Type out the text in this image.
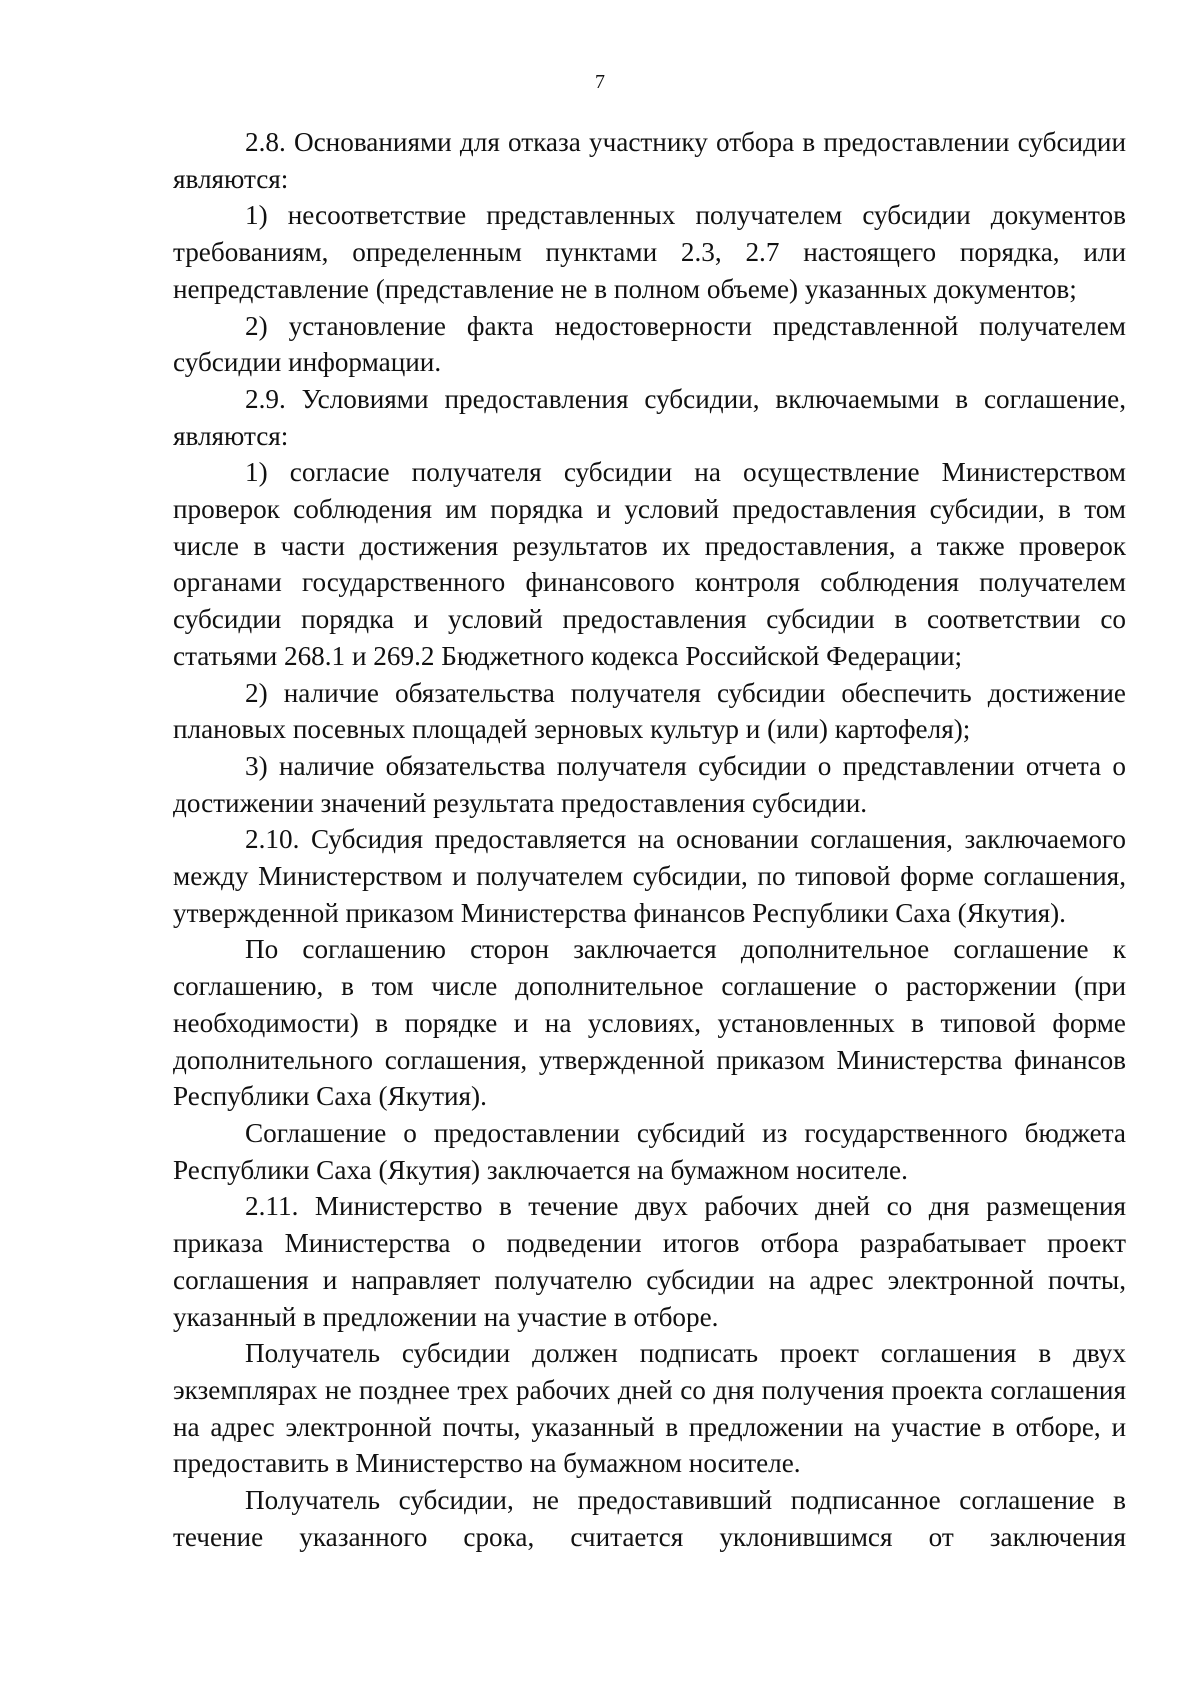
7

2.8. Основаниями для отказа участнику отбора в предоставлении субсидии являются:

1) несоответствие представленных получателем субсидии документов требованиям, определенным пунктами 2.3, 2.7 настоящего порядка, или непредставление (представление не в полном объеме) указанных документов;

2) установление факта недостоверности представленной получателем субсидии информации.

2.9. Условиями предоставления субсидии, включаемыми в соглашение, являются:

1) согласие получателя субсидии на осуществление Министерством проверок соблюдения им порядка и условий предоставления субсидии, в том числе в части достижения результатов их предоставления, а также проверок органами государственного финансового контроля соблюдения получателем субсидии порядка и условий предоставления субсидии в соответствии со статьями 268.1 и 269.2 Бюджетного кодекса Российской Федерации;

2) наличие обязательства получателя субсидии обеспечить достижение плановых посевных площадей зерновых культур и (или) картофеля);

3) наличие обязательства получателя субсидии о представлении отчета о достижении значений результата предоставления субсидии.

2.10. Субсидия предоставляется на основании соглашения, заключаемого между Министерством и получателем субсидии, по типовой форме соглашения, утвержденной приказом Министерства финансов Республики Саха (Якутия).

По соглашению сторон заключается дополнительное соглашение к соглашению, в том числе дополнительное соглашение о расторжении (при необходимости) в порядке и на условиях, установленных в типовой форме дополнительного соглашения, утвержденной приказом Министерства финансов Республики Саха (Якутия).

Соглашение о предоставлении субсидий из государственного бюджета Республики Саха (Якутия) заключается на бумажном носителе.

2.11. Министерство в течение двух рабочих дней со дня размещения приказа Министерства о подведении итогов отбора разрабатывает проект соглашения и направляет получателю субсидии на адрес электронной почты, указанный в предложении на участие в отборе.

Получатель субсидии должен подписать проект соглашения в двух экземплярах не позднее трех рабочих дней со дня получения проекта соглашения на адрес электронной почты, указанный в предложении на участие в отборе, и предоставить в Министерство на бумажном носителе.

Получатель субсидии, не предоставивший подписанное соглашение в течение указанного срока, считается уклонившимся от заключения
